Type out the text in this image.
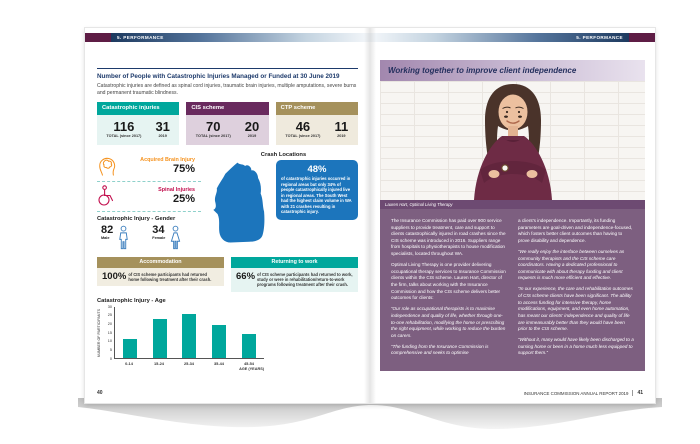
5. PERFORMANCE
Number of People with Catastrophic Injuries Managed or Funded at 30 June 2019
Catastrophic injuries are defined as spinal cord injuries, traumatic brain injuries, multiple amputations, severe burns and permanent traumatic blindness.
Catastrophic injuries
116
TOTAL (since 2017)
31
2019
CIS scheme
70
TOTAL (since 2017)
20
2019
CTP scheme
46
TOTAL (since 2017)
11
2019
Acquired Brain Injury
75%
Spinal Injuries
25%
Catastrophic Injury - Gender
82
Male
34
Female
Crash Locations
48%
of catastrophic injuries occurred in regional areas but only 34% of people catastrophically injured live in regional areas. The South West had the highest claim volume in WA with 21 crashes resulting in catastrophic injury.
Accommodation
100% of CIS scheme participants had returned home following treatment after their crash.
Returning to work
66% of CIS scheme participants had returned to work, study or were in rehabilitation/return-to-work programs following treatment after their crash.
Catastrophic Injury - Age
NUMBER OF PARTICIPANTS
0
5
10
15
20
25
30
0-14	15-24	25-34	35-44	45-54
AGE (YEARS)
40
5. PERFORMANCE
Working together to improve client independence
Lauren Hart, Optimal Living Therapy

The Insurance Commission has paid over 900 service suppliers to provide treatment, care and support to clients catastrophically injured in road crashes since the CIS scheme was introduced in 2016. Suppliers range from hospitals to physiotherapists to house modification specialists, located throughout WA.

Optimal Living Therapy is one provider delivering occupational therapy services to Insurance Commission clients within the CIS scheme. Lauren Hart, director of the firm, talks about working with the Insurance Commission and how the CIS scheme delivers better outcomes for clients:

“Our role as occupational therapists is to maximise independence and quality of life, whether through one-to-one rehabilitation, modifying the home or prescribing the right equipment, while working to reduce the burden on carers.

“The funding from the Insurance Commission is comprehensive and seeks to optimise

a client's independence. Importantly, its funding parameters are goal-driven and independence-focused, which fosters better client outcomes than having to prove disability and dependence.

“We really enjoy the interface between ourselves as community therapists and the CIS scheme care coordinators. Having a dedicated professional to communicate with about therapy funding and client requests is much more efficient and effective.

“In our experience, the care and rehabilitation outcomes of CIS scheme clients have been significant. The ability to access funding for intensive therapy, home modifications, equipment, and even home automation, has meant our clients' independence and quality of life are immeasurably better than they would have been prior to the CIS scheme.

“Without it, many would have likely been discharged to a nursing home or been in a home much less equipped to support them.”

INSURANCE COMMISSION ANNUAL REPORT 2019	41
